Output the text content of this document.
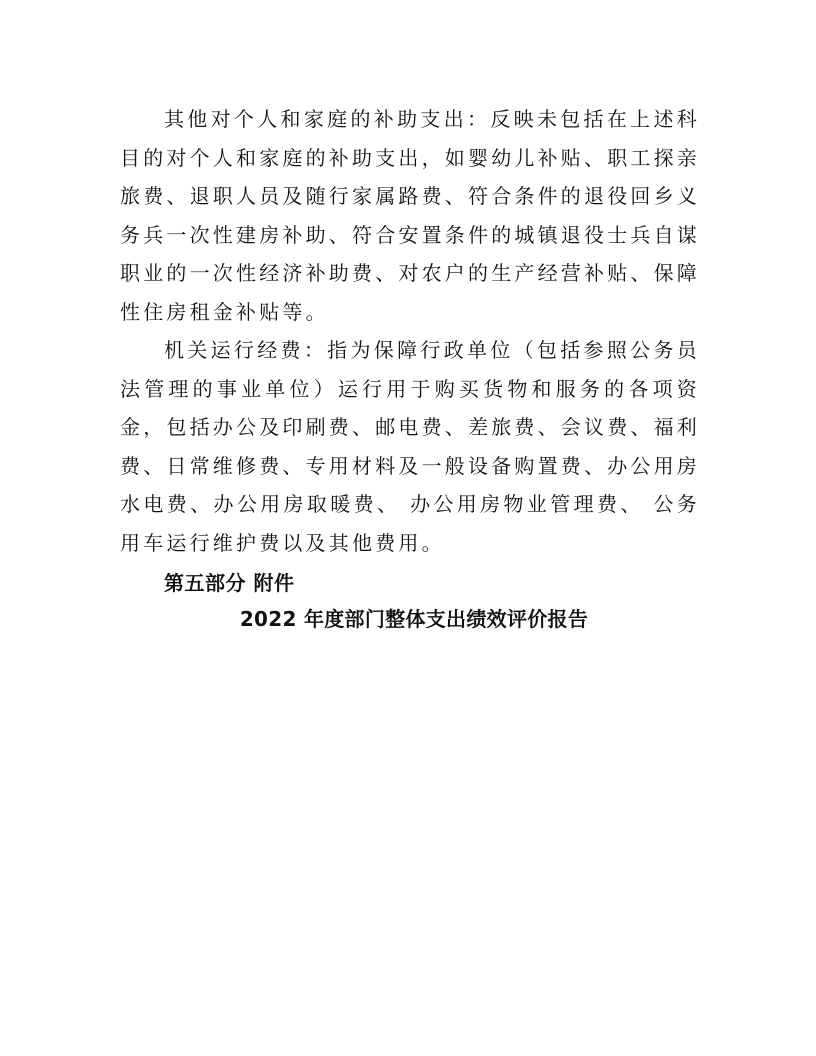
其他对个人和家庭的补助支出：反映未包括在上述科目的对个人和家庭的补助支出，如婴幼儿补贴、职工探亲旅费、退职人员及随行家属路费、符合条件的退役回乡义务兵一次性建房补助、符合安置条件的城镇退役士兵自谋职业的一次性经济补助费、对农户的生产经营补贴、保障性住房租金补贴等。

机关运行经费：指为保障行政单位（包括参照公务员法管理的事业单位）运行用于购买货物和服务的各项资金，包括办公及印刷费、邮电费、差旅费、会议费、福利费、日常维修费、专用材料及一般设备购置费、办公用房水电费、办公用房取暖费、 办公用房物业管理费、 公务用车运行维护费以及其他费用。

第五部分 附件
2022 年度部门整体支出绩效评价报告
